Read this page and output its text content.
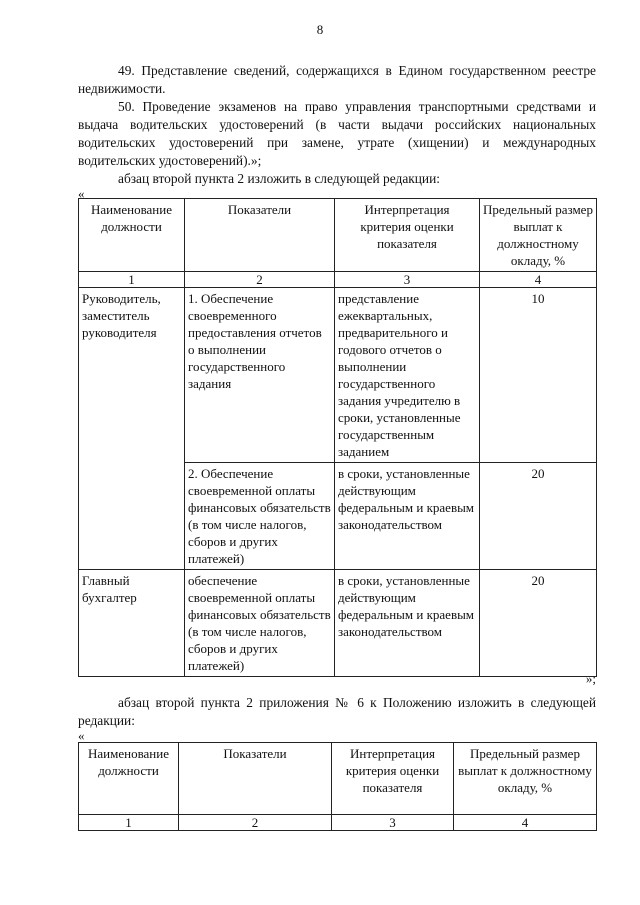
8
49. Представление сведений, содержащихся в Едином государственном реестре недвижимости.
50. Проведение экзаменов на право управления транспортными средствами и выдача водительских удостоверений (в части выдачи российских национальных водительских удостоверений при замене, утрате (хищении) и международных водительских удостоверений).»;
абзац второй пункта 2 изложить в следующей редакции:
«
Наименование должности	Показатели	Интерпретация критерия оценки показателя	Предельный размер выплат к должностному окладу, %
1	2	3	4
Руководитель, заместитель руководителя	1. Обеспечение своевременного предоставления отчетов о выполнении государственного задания	представление ежеквартальных, предварительного и годового отчетов о выполнении государственного задания учредителю в сроки, установленные государственным заданием	10
	2. Обеспечение своевременной оплаты финансовых обязательств (в том числе налогов, сборов и других платежей)	в сроки, установленные действующим федеральным и краевым законодательством	20
Главный бухгалтер	обеспечение своевременной оплаты финансовых обязательств (в том числе налогов, сборов и других платежей)	в сроки, установленные действующим федеральным и краевым законодательством	20
»;
абзац второй пункта 2 приложения № 6 к Положению изложить в следующей редакции:
«
Наименование должности	Показатели	Интерпретация критерия оценки показателя	Предельный размер выплат к должностному окладу, %
1	2	3	4
